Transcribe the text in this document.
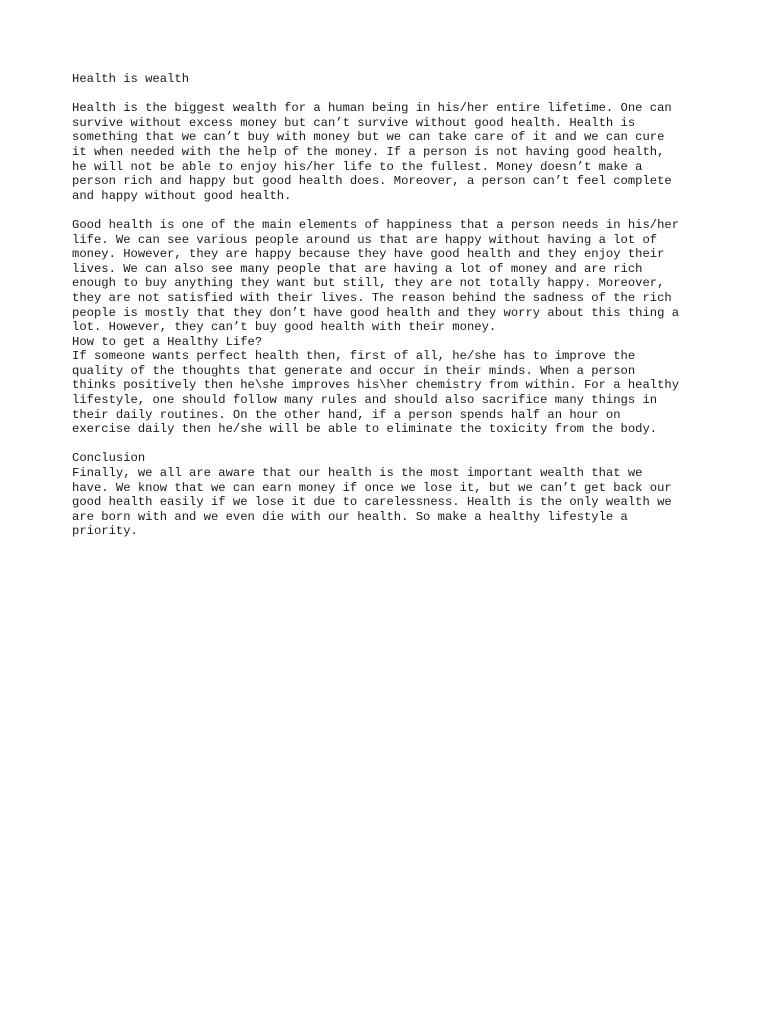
Health is wealth
Health is the biggest wealth for a human being in his/her entire lifetime. One can
survive without excess money but can’t survive without good health. Health is
something that we can’t buy with money but we can take care of it and we can cure
it when needed with the help of the money. If a person is not having good health,
he will not be able to enjoy his/her life to the fullest. Money doesn’t make a
person rich and happy but good health does. Moreover, a person can’t feel complete
and happy without good health.
Good health is one of the main elements of happiness that a person needs in his/her
life. We can see various people around us that are happy without having a lot of
money. However, they are happy because they have good health and they enjoy their
lives. We can also see many people that are having a lot of money and are rich
enough to buy anything they want but still, they are not totally happy. Moreover,
they are not satisfied with their lives. The reason behind the sadness of the rich
people is mostly that they don’t have good health and they worry about this thing a
lot. However, they can’t buy good health with their money.
How to get a Healthy Life?
If someone wants perfect health then, first of all, he/she has to improve the
quality of the thoughts that generate and occur in their minds. When a person
thinks positively then he\she improves his\her chemistry from within. For a healthy
lifestyle, one should follow many rules and should also sacrifice many things in
their daily routines. On the other hand, if a person spends half an hour on
exercise daily then he/she will be able to eliminate the toxicity from the body.
Conclusion
Finally, we all are aware that our health is the most important wealth that we
have. We know that we can earn money if once we lose it, but we can’t get back our
good health easily if we lose it due to carelessness. Health is the only wealth we
are born with and we even die with our health. So make a healthy lifestyle a
priority.
